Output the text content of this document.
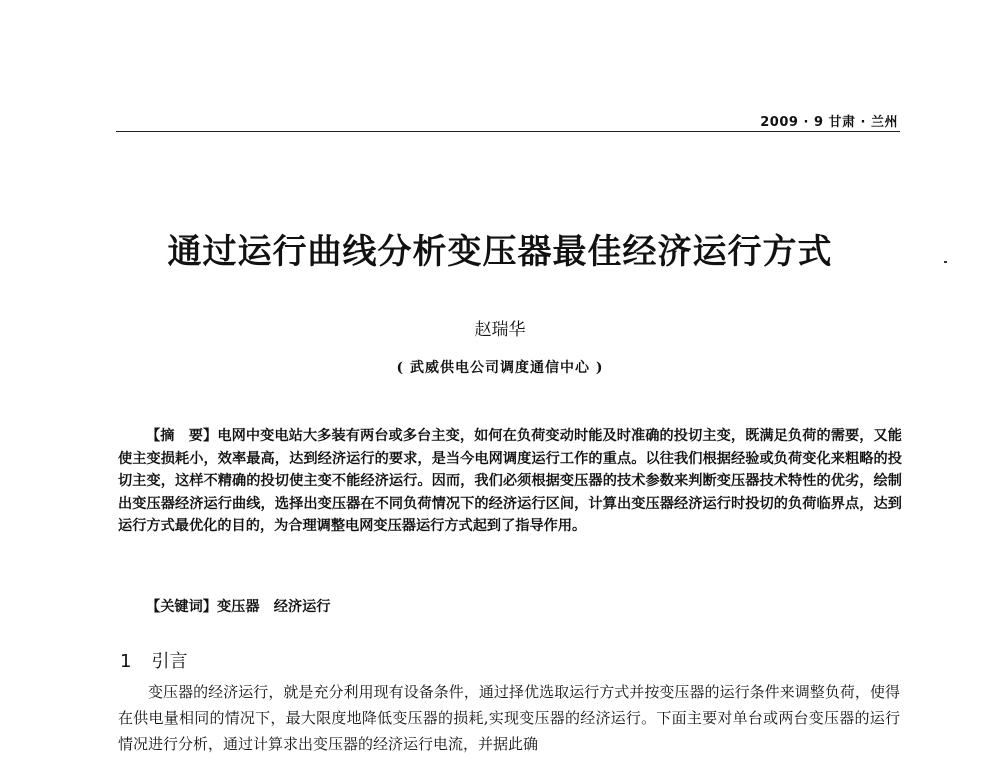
2009 · 9 甘肃 · 兰州
通过运行曲线分析变压器最佳经济运行方式
赵瑞华
( 武威供电公司调度通信中心 )

【摘　要】电网中变电站大多装有两台或多台主变，如何在负荷变动时能及时准确的投切主变，既满足负荷的需要，又能使主变损耗小，效率最高，达到经济运行的要求，是当今电网调度运行工作的重点。以往我们根据经验或负荷变化来粗略的投切主变，这样不精确的投切使主变不能经济运行。因而，我们必须根据变压器的技术参数来判断变压器技术特性的优劣，绘制出变压器经济运行曲线，选择出变压器在不同负荷情况下的经济运行区间，计算出变压器经济运行时投切的负荷临界点，达到运行方式最优化的目的，为合理调整电网变压器运行方式起到了指导作用。

【关键词】变压器　经济运行
1 引言

变压器的经济运行，就是充分利用现有设备条件，通过择优选取运行方式并按变压器的运行条件来调整负荷，使得在供电量相同的情况下，最大限度地降低变压器的损耗,实现变压器的经济运行。下面主要对单台或两台变压器的运行情况进行分析，通过计算求出变压器的经济运行电流，并据此确
